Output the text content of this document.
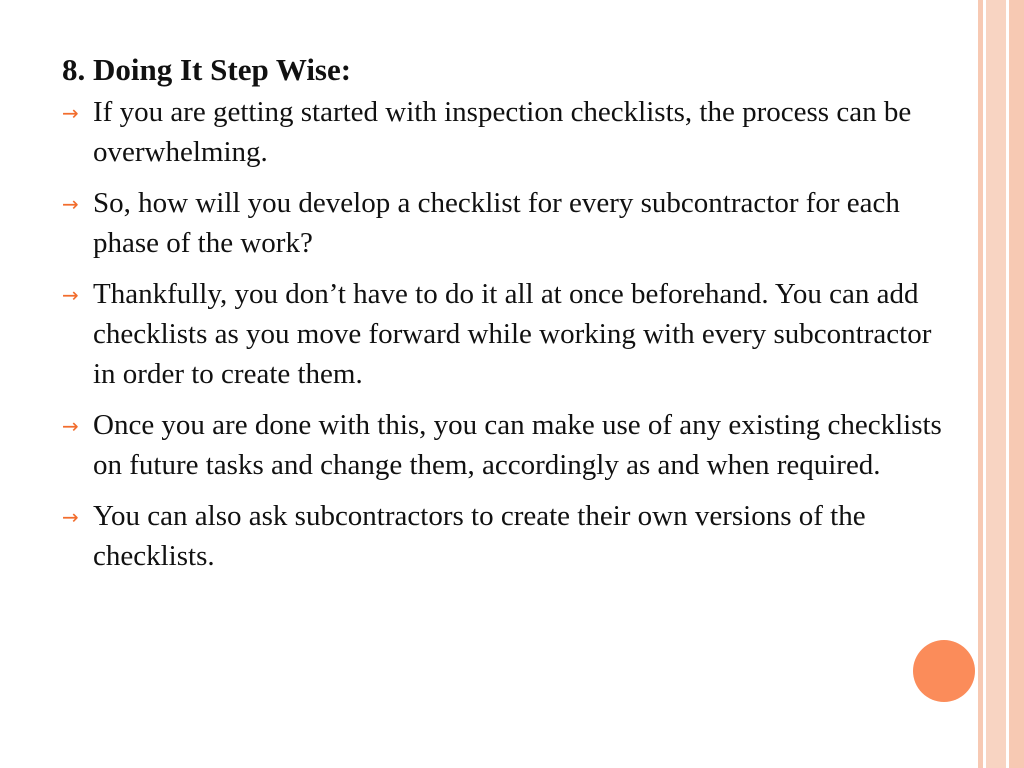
8. Doing It Step Wise:
→ If you are getting started with inspection checklists, the process can be overwhelming.
→ So, how will you develop a checklist for every subcontractor for each phase of the work?
→ Thankfully, you don’t have to do it all at once beforehand. You can add checklists as you move forward while working with every subcontractor in order to create them.
→ Once you are done with this, you can make use of any existing checklists on future tasks and change them, accordingly as and when required.
→ You can also ask subcontractors to create their own versions of the checklists.
